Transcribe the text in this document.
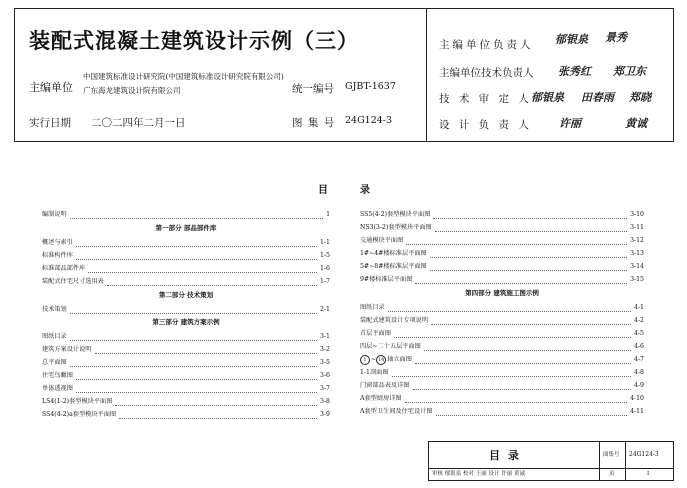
装配式混凝土建筑设计示例（三）
主编单位
中国建筑标准设计研究院(中国建筑标准设计研究院有限公司)
广东海龙建筑设计院有限公司	统一编号 GJBT-1637
实行日期 二〇二四年二月一日	图 集 号 24G124-3
主编单位负责人	郁银泉 景秀
主编单位技术负责人	张秀红 郑卫东
技 术 审 定 人 郁银泉 田春雨 郑晓
设 计 负 责 人	许丽	黄诚
目	录
编制说明	1
第一部分 部品部件库
概述与索引	1-1
标准构件库	1-5
标准部品部件库	1-6
装配式住宅尺寸选用表	1-7
第二部分 技术策划
技术策划	2-1
第三部分 建筑方案示例
图纸目录	3-1
建筑方案设计说明	3-2
总平面图	3-5
住宅鸟瞰图	3-6
单体透视图	3-7
LS4(1-2)套型模块平面图	3-8
SS4(4-2)a套型模块平面图	3-9
SS5(4-2)套型模块平面图	3-10
NS3(3-2)套型模块平面图	3-11
交通模块平面图	3-12
1#~4#楼标准层平面图	3-13
5#~8#楼标准层平面图	3-14
9#楼标准层平面图	3-15
第四部分 建筑施工图示例
图纸目录	4-1
装配式建筑设计专项说明	4-2
首层平面图	4-5
四层~二十五层平面图	4-6
1 ~ 14 轴立面图	4-7
1-1剖面图	4-8
门窗部品表及详图	4-9
A套型厨房详图	4-10
A套型卫生间及住宅设计图	4-11
目录
审核 郁银泉 校对 王丽 设计 许丽 黄诚
图集号 24G124-3
页	I
